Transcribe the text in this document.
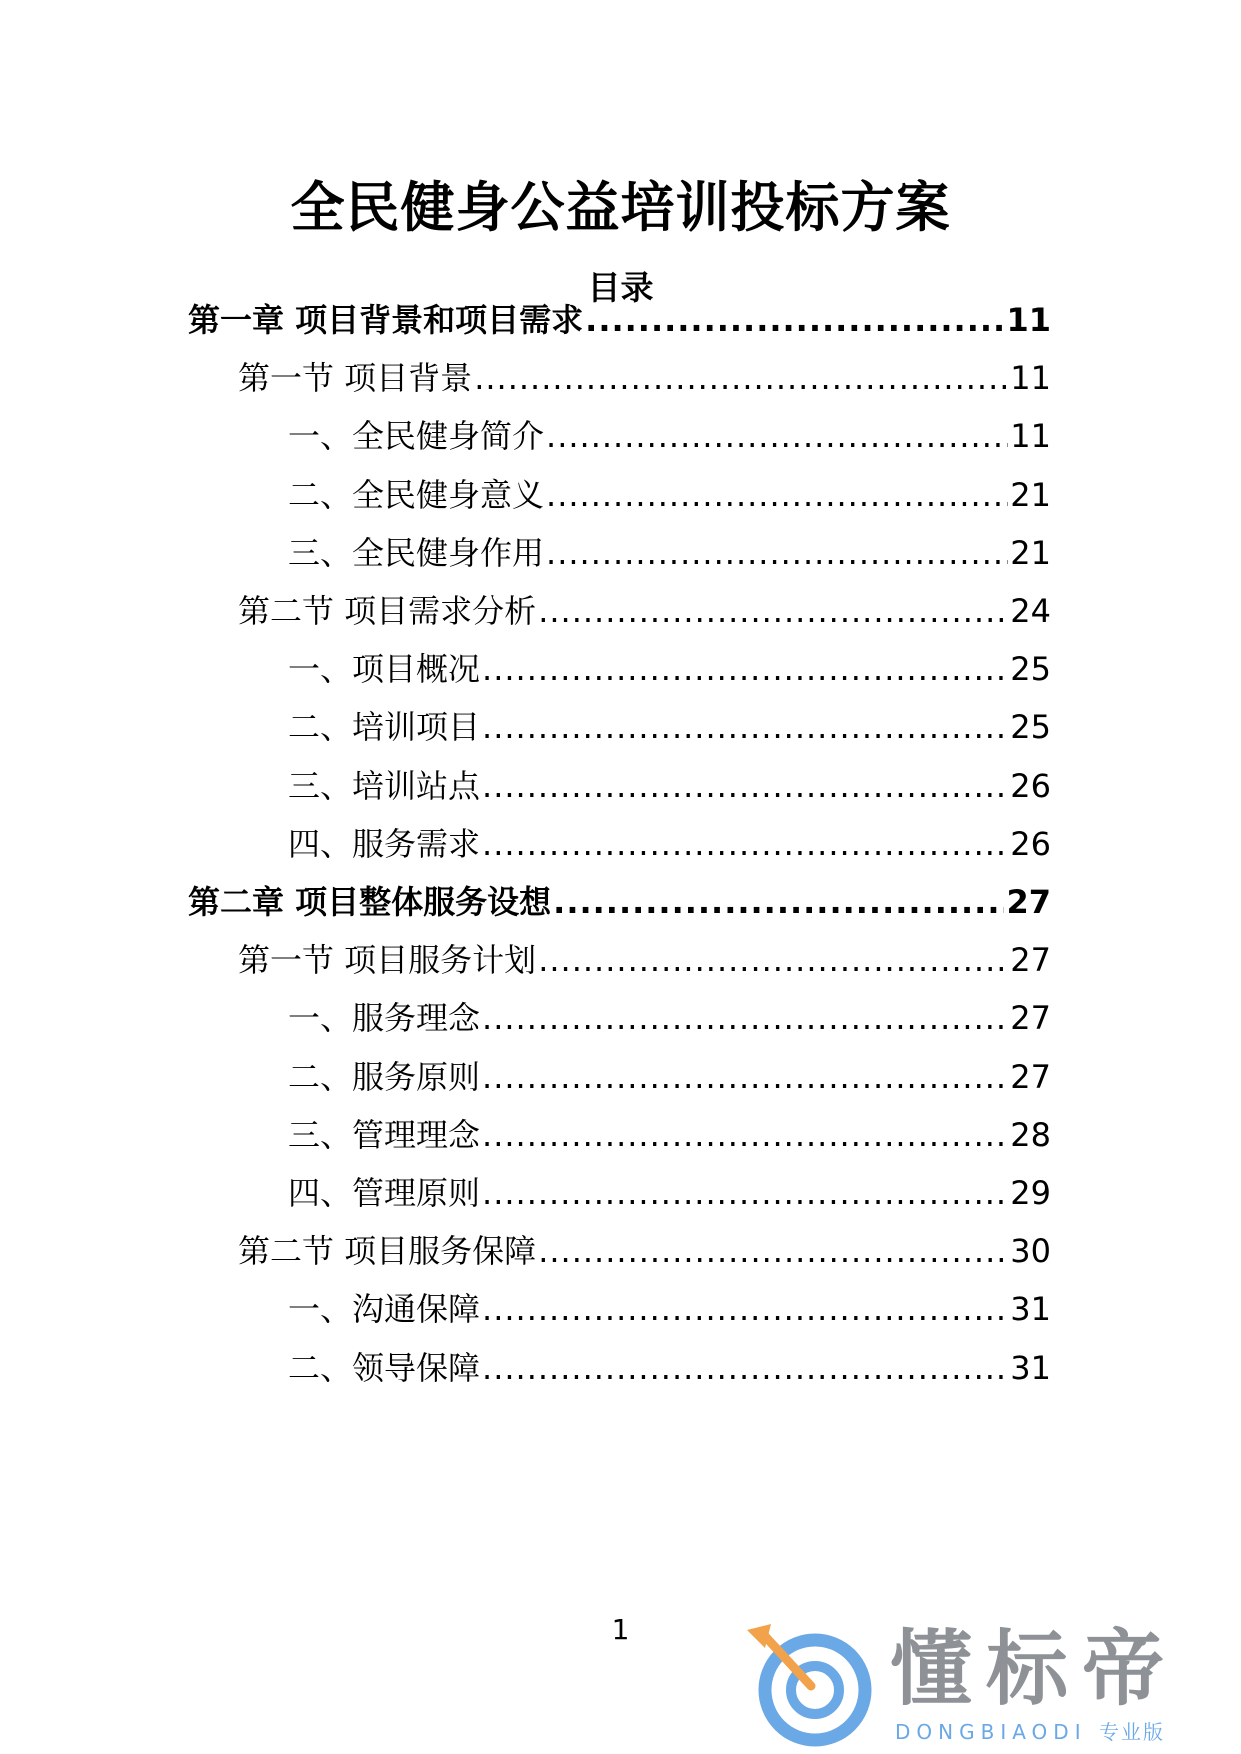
全民健身公益培训投标方案
目录
第一章 项目背景和项目需求 .....	11
第一节 项目背景 .....	11
一、全民健身简介 .....	11
二、全民健身意义 .....	21
三、全民健身作用 .....	21
第二节 项目需求分析 .....	24
一、项目概况 .....	25
二、培训项目 .....	25
三、培训站点 .....	26
四、服务需求 .....	26
第二章 项目整体服务设想 .....	27
第一节 项目服务计划 .....	27
一、服务理念 .....	27
二、服务原则 .....	27
三、管理理念 .....	28
四、管理原则 .....	29
第二节 项目服务保障 .....	30
一、沟通保障 .....	31
二、领导保障 .....	31
1	懂标帝
DONGBIAODI 专业版
